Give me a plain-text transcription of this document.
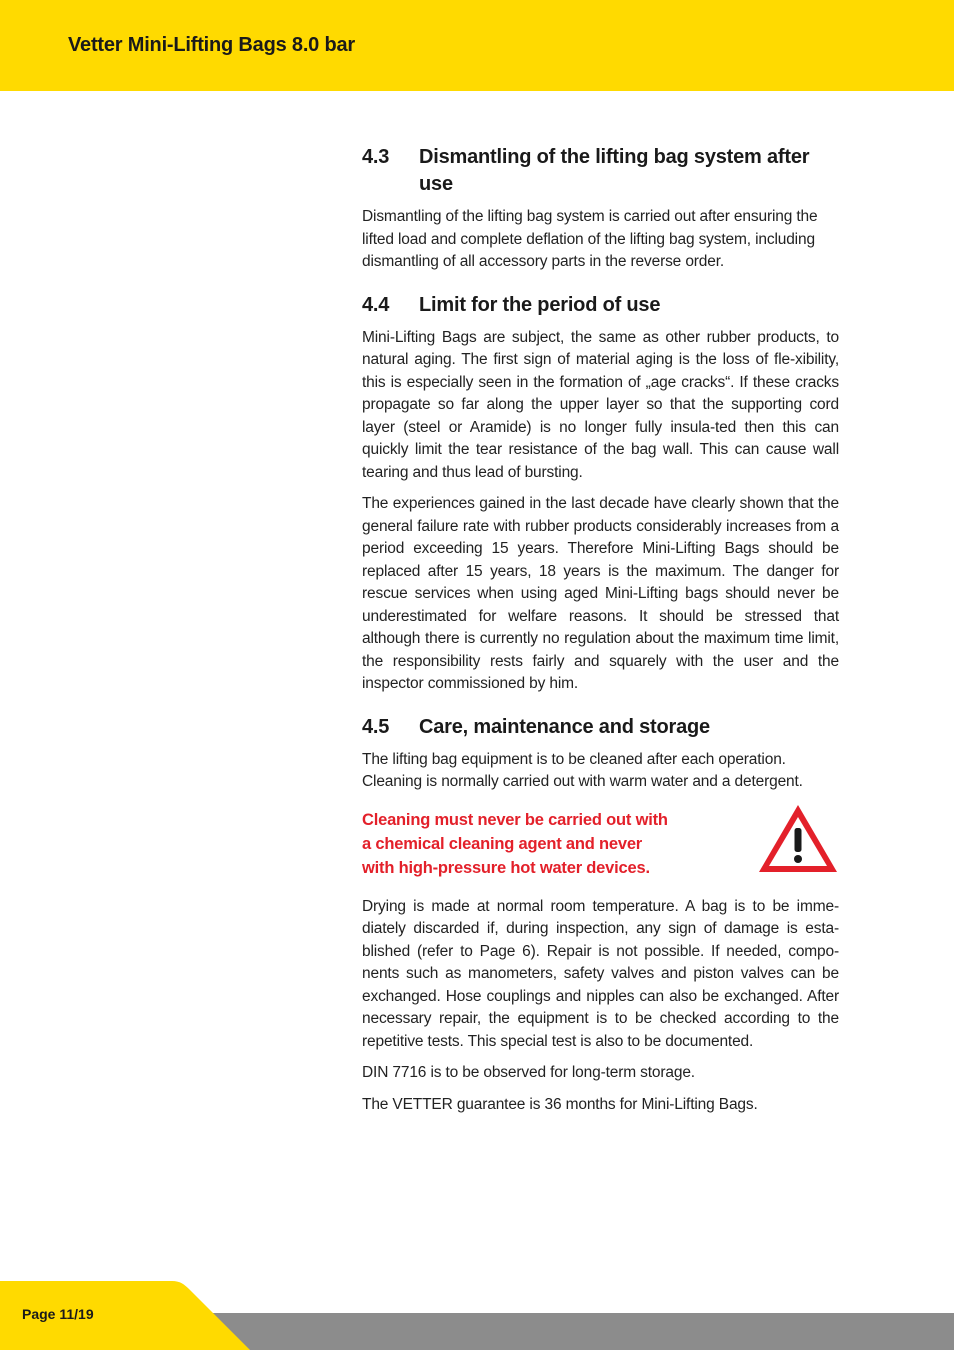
Vetter Mini-Lifting Bags 8.0 bar
4.3	Dismantling of the lifting bag system after use

Dismantling of the lifting bag system is carried out after ensuring the lifted load and complete deflation of the lifting bag system, including dismantling of all accessory parts in the reverse order.

4.4	Limit for the period of use

Mini-Lifting Bags are subject, the same as other rubber products, to natural aging. The first sign of material aging is the loss of fle-xibility, this is especially seen in the formation of „age cracks“. If these cracks propagate so far along the upper layer so that the supporting cord layer (steel or Aramide) is no longer fully insula-ted then this can quickly limit the tear resistance of the bag wall. This can cause wall tearing and thus lead of bursting.

The experiences gained in the last decade have clearly shown that the general failure rate with rubber products considerably increases from a period exceeding 15 years. Therefore Mini-Lifting Bags should be replaced after 15 years, 18 years is the maximum. The danger for rescue services when using aged Mini-Lifting bags should never be underestimated for welfare reasons. It should be stressed that although there is currently no regulation about the maximum time limit, the responsibility rests fairly and squarely with the user and the inspector commissioned by him.

4.5	Care, maintenance and storage

The lifting bag equipment is to be cleaned after each operation. Cleaning is normally carried out with warm water and a detergent.

Cleaning must never be carried out with
a chemical cleaning agent and never
with high-pressure hot water devices.

Drying is made at normal room temperature. A bag is to be imme-diately discarded if, during inspection, any sign of damage is esta-blished (refer to Page 6). Repair is not possible. If needed, compo-nents such as manometers, safety valves and piston valves can be exchanged. Hose couplings and nipples can also be exchanged. After necessary repair, the equipment is to be checked according to the repetitive tests. This special test is also to be documented.

DIN 7716 is to be observed for long-term storage.

The VETTER guarantee is 36 months for Mini-Lifting Bags.

Page 11/19
